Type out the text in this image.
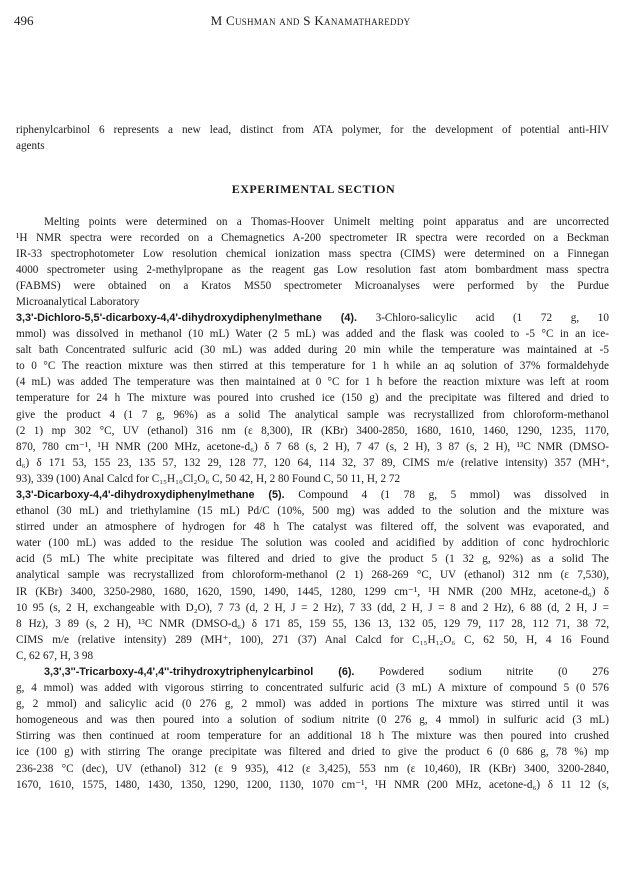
496	M Cushman and S Kanamathareddy
riphenylcarbinol 6 represents a new lead, distinct from ATA polymer, for the development of potential anti-HIV
agents
EXPERIMENTAL SECTION
Melting points were determined on a Thomas-Hoover Unimelt melting point apparatus and are uncorrected
¹H NMR spectra were recorded on a Chemagnetics A-200 spectrometer IR spectra were recorded on a Beckman
IR-33 spectrophotometer Low resolution chemical ionization mass spectra (CIMS) were determined on a Finnegan
4000 spectrometer using 2-methylpropane as the reagent gas Low resolution fast atom bombardment mass spectra
(FABMS) were obtained on a Kratos MS50 spectrometer Microanalyses were performed by the Purdue
Microanalytical Laboratory
3,3'-Dichloro-5,5'-dicarboxy-4,4'-dihydroxydiphenylmethane (4). 3-Chloro-salicylic acid (1 72 g, 10
mmol) was dissolved in methanol (10 mL) Water (2 5 mL) was added and the flask was cooled to -5 °C in an ice-
salt bath Concentrated sulfuric acid (30 mL) was added during 20 min while the temperature was maintained at -5
to 0 °C The reaction mixture was then stirred at this temperature for 1 h while an aq solution of 37% formaldehyde
(4 mL) was added The temperature was then maintained at 0 °C for 1 h before the reaction mixture was left at room
temperature for 24 h The mixture was poured into crushed ice (150 g) and the precipitate was filtered and dried to
give the product 4 (1 7 g, 96%) as a solid The analytical sample was recrystallized from chloroform-methanol
(2 1) mp 302 °C, UV (ethanol) 316 nm (ε 8,300), IR (KBr) 3400-2850, 1680, 1610, 1460, 1290, 1235, 1170,
870, 780 cm⁻¹, ¹H NMR (200 MHz, acetone-d₆) δ 7 68 (s, 2 H), 7 47 (s, 2 H), 3 87 (s, 2 H), ¹³C NMR (DMSO-
d₆) δ 171 53, 155 23, 135 57, 132 29, 128 77, 120 64, 114 32, 37 89, CIMS m/e (relative intensity) 357 (MH⁺,
93), 339 (100) Anal Calcd for C₁₅H₁₀Cl₂O₆ C, 50 42, H, 2 80 Found C, 50 11, H, 2 72
3,3'-Dicarboxy-4,4'-dihydroxydiphenylmethane (5). Compound 4 (1 78 g, 5 mmol) was dissolved in
ethanol (30 mL) and triethylamine (15 mL) Pd/C (10%, 500 mg) was added to the solution and the mixture was
stirred under an atmosphere of hydrogen for 48 h The catalyst was filtered off, the solvent was evaporated, and
water (100 mL) was added to the residue The solution was cooled and acidified by addition of conc hydrochloric
acid (5 mL) The white precipitate was filtered and dried to give the product 5 (1 32 g, 92%) as a solid The
analytical sample was recrystallized from chloroform-methanol (2 1) 268-269 °C, UV (ethanol) 312 nm (ε 7,530),
IR (KBr) 3400, 3250-2980, 1680, 1620, 1590, 1490, 1445, 1280, 1299 cm⁻¹, ¹H NMR (200 MHz, acetone-d₆) δ
10 95 (s, 2 H, exchangeable with D₂O), 7 73 (d, 2 H, J = 2 Hz), 7 33 (dd, 2 H, J = 8 and 2 Hz), 6 88 (d, 2 H, J =
8 Hz), 3 89 (s, 2 H), ¹³C NMR (DMSO-d₆) δ 171 85, 159 55, 136 13, 132 05, 129 79, 117 28, 112 71, 38 72,
CIMS m/e (relative intensity) 289 (MH⁺, 100), 271 (37) Anal Calcd for C₁₅H₁₂O₆ C, 62 50, H, 4 16 Found
C, 62 67, H, 3 98
3,3',3''-Tricarboxy-4,4',4''-trihydroxytriphenylcarbinol (6). Powdered sodium nitrite (0 276
g, 4 mmol) was added with vigorous stirring to concentrated sulfuric acid (3 mL) A mixture of compound 5 (0 576
g, 2 mmol) and salicylic acid (0 276 g, 2 mmol) was added in portions The mixture was stirred until it was
homogeneous and was then poured into a solution of sodium nitrite (0 276 g, 4 mmol) in sulfuric acid (3 mL)
Stirring was then continued at room temperature for an additional 18 h The mixture was then poured into crushed
ice (100 g) with stirring The orange precipitate was filtered and dried to give the product 6 (0 686 g, 78 %) mp
236-238 °C (dec), UV (ethanol) 312 (ε 9 935), 412 (ε 3,425), 553 nm (ε 10,460), IR (KBr) 3400, 3200-2840,
1670, 1610, 1575, 1480, 1430, 1350, 1290, 1200, 1130, 1070 cm⁻¹, ¹H NMR (200 MHz, acetone-d₆) δ 11 12 (s,
